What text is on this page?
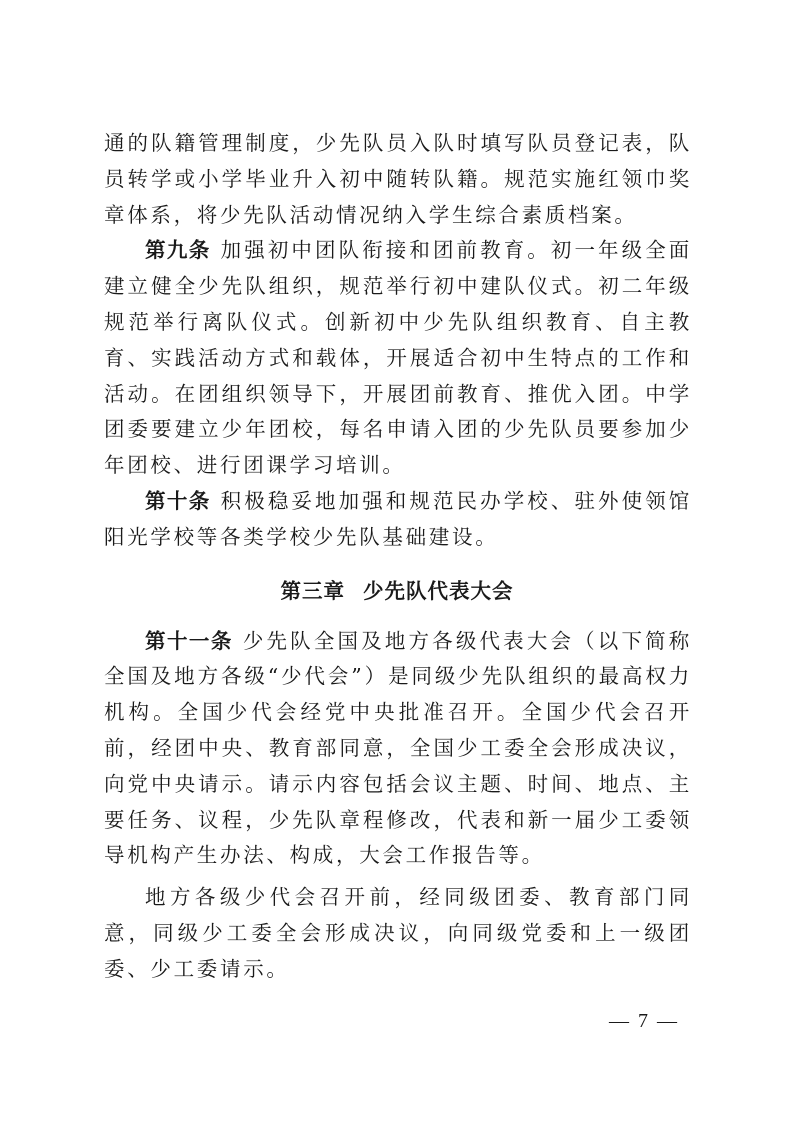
通的队籍管理制度，少先队员入队时填写队员登记表，队员转学或小学毕业升入初中随转队籍。规范实施红领巾奖章体系，将少先队活动情况纳入学生综合素质档案。

第九条 加强初中团队衔接和团前教育。初一年级全面建立健全少先队组织，规范举行初中建队仪式。初二年级规范举行离队仪式。创新初中少先队组织教育、自主教育、实践活动方式和载体，开展适合初中生特点的工作和活动。在团组织领导下，开展团前教育、推优入团。中学团委要建立少年团校，每名申请入团的少先队员要参加少年团校、进行团课学习培训。

第十条 积极稳妥地加强和规范民办学校、驻外使领馆阳光学校等各类学校少先队基础建设。

第三章 少先队代表大会

第十一条 少先队全国及地方各级代表大会（以下简称全国及地方各级“少代会”）是同级少先队组织的最高权力机构。全国少代会经党中央批准召开。全国少代会召开前，经团中央、教育部同意，全国少工委全会形成决议，向党中央请示。请示内容包括会议主题、时间、地点、主要任务、议程，少先队章程修改，代表和新一届少工委领导机构产生办法、构成，大会工作报告等。

地方各级少代会召开前，经同级团委、教育部门同意，同级少工委全会形成决议，向同级党委和上一级团委、少工委请示。

— 7 —
